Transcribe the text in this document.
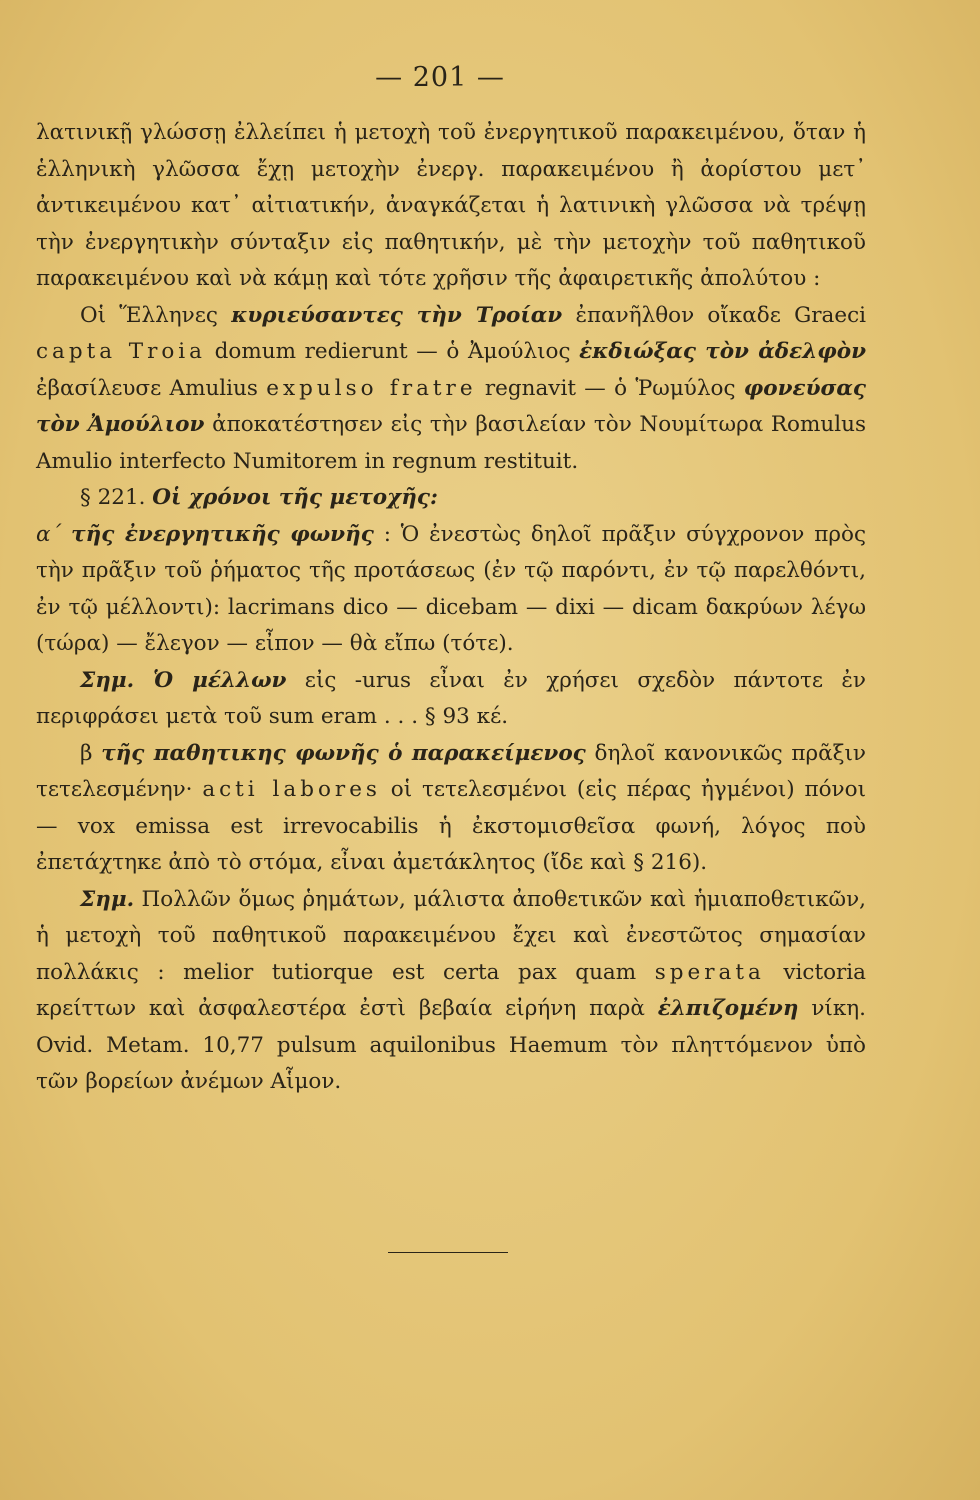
— 201 —

λατινικῇ γλώσσῃ ἐλλείπει ἡ μετοχὴ τοῦ ἐνεργητικοῦ παρακειμένου, ὅταν ἡ ἑλληνικὴ γλῶσσα ἔχῃ μετοχὴν ἐνεργ. παρακειμένου ἢ ἀορίστου μετ᾽ ἀντικειμένου κατ᾽ αἰτιατικήν, ἀναγκάζεται ἡ λατινικὴ γλῶσσα νὰ τρέψῃ τὴν ἐνεργητικὴν σύνταξιν εἰς παθητικήν, μὲ τὴν μετοχὴν τοῦ παθητικοῦ παρακειμένου καὶ νὰ κάμῃ καὶ τότε χρῆσιν τῆς ἀφαιρετικῆς ἀπολύτου :

Οἱ Ἕλληνες κυριεύσαντες τὴν Τροίαν ἐπανῆλθον οἴκαδε Graeci capta Troia domum redierunt — ὁ Ἀμούλιος ἐκδιώξας τὸν ἀδελφὸν ἐβασίλευσε Amulius expulso fratre regnavit — ὁ Ῥωμύλος φονεύσας τὸν Ἀμούλιον ἀποκατέστησεν εἰς τὴν βασιλείαν τὸν Νουμίτωρα Romulus Amulio interfecto Numitorem in regnum restituit.

§ 221. Οἱ χρόνοι τῆς μετοχῆς:

α΄ τῆς ἐνεργητικῆς φωνῆς : Ὁ ἐνεστὼς δηλοῖ πρᾶξιν σύγχρονον πρὸς τὴν πρᾶξιν τοῦ ῥήματος τῆς προτάσεως (ἐν τῷ παρόντι, ἐν τῷ παρελθόντι, ἐν τῷ μέλλοντι): lacrimans dico — dicebam — dixi — dicam δακρύων λέγω (τώρα) — ἔλεγον — εἶπον — θὰ εἴπω (τότε).

Σημ. Ὁ μέλλων εἰς -urus εἶναι ἐν χρήσει σχεδὸν πάντοτε ἐν περιφράσει μετὰ τοῦ sum eram . . . § 93 κέ.

β τῆς παθητικης φωνῆς ὁ παρακείμενος δηλοῖ κανονικῶς πρᾶξιν τετελεσμένην· acti labores οἱ τετελεσμένοι (εἰς πέρας ἠγμένοι) πόνοι — vox emissa est irrevocabilis ἡ ἐκστομισθεῖσα φωνή, λόγος ποὺ ἐπετάχτηκε ἀπὸ τὸ στόμα, εἶναι ἀμετάκλητος (ἴδε καὶ § 216).

Σημ. Πολλῶν ὅμως ῥημάτων, μάλιστα ἀποθετικῶν καὶ ἡμιαποθετικῶν, ἡ μετοχὴ τοῦ παθητικοῦ παρακειμένου ἔχει καὶ ἐνεστῶτος σημασίαν πολλάκις : melior tutiorque est certa pax quam sperata victoria κρείττων καὶ ἀσφαλεστέρα ἐστὶ βεβαία εἰρήνη παρὰ ἐλπιζομένη νίκη. Ovid. Metam. 10,77 pulsum aquilonibus Haemum τὸν πληττόμενον ὑπὸ τῶν βορείων ἀνέμων Αἷμον.
